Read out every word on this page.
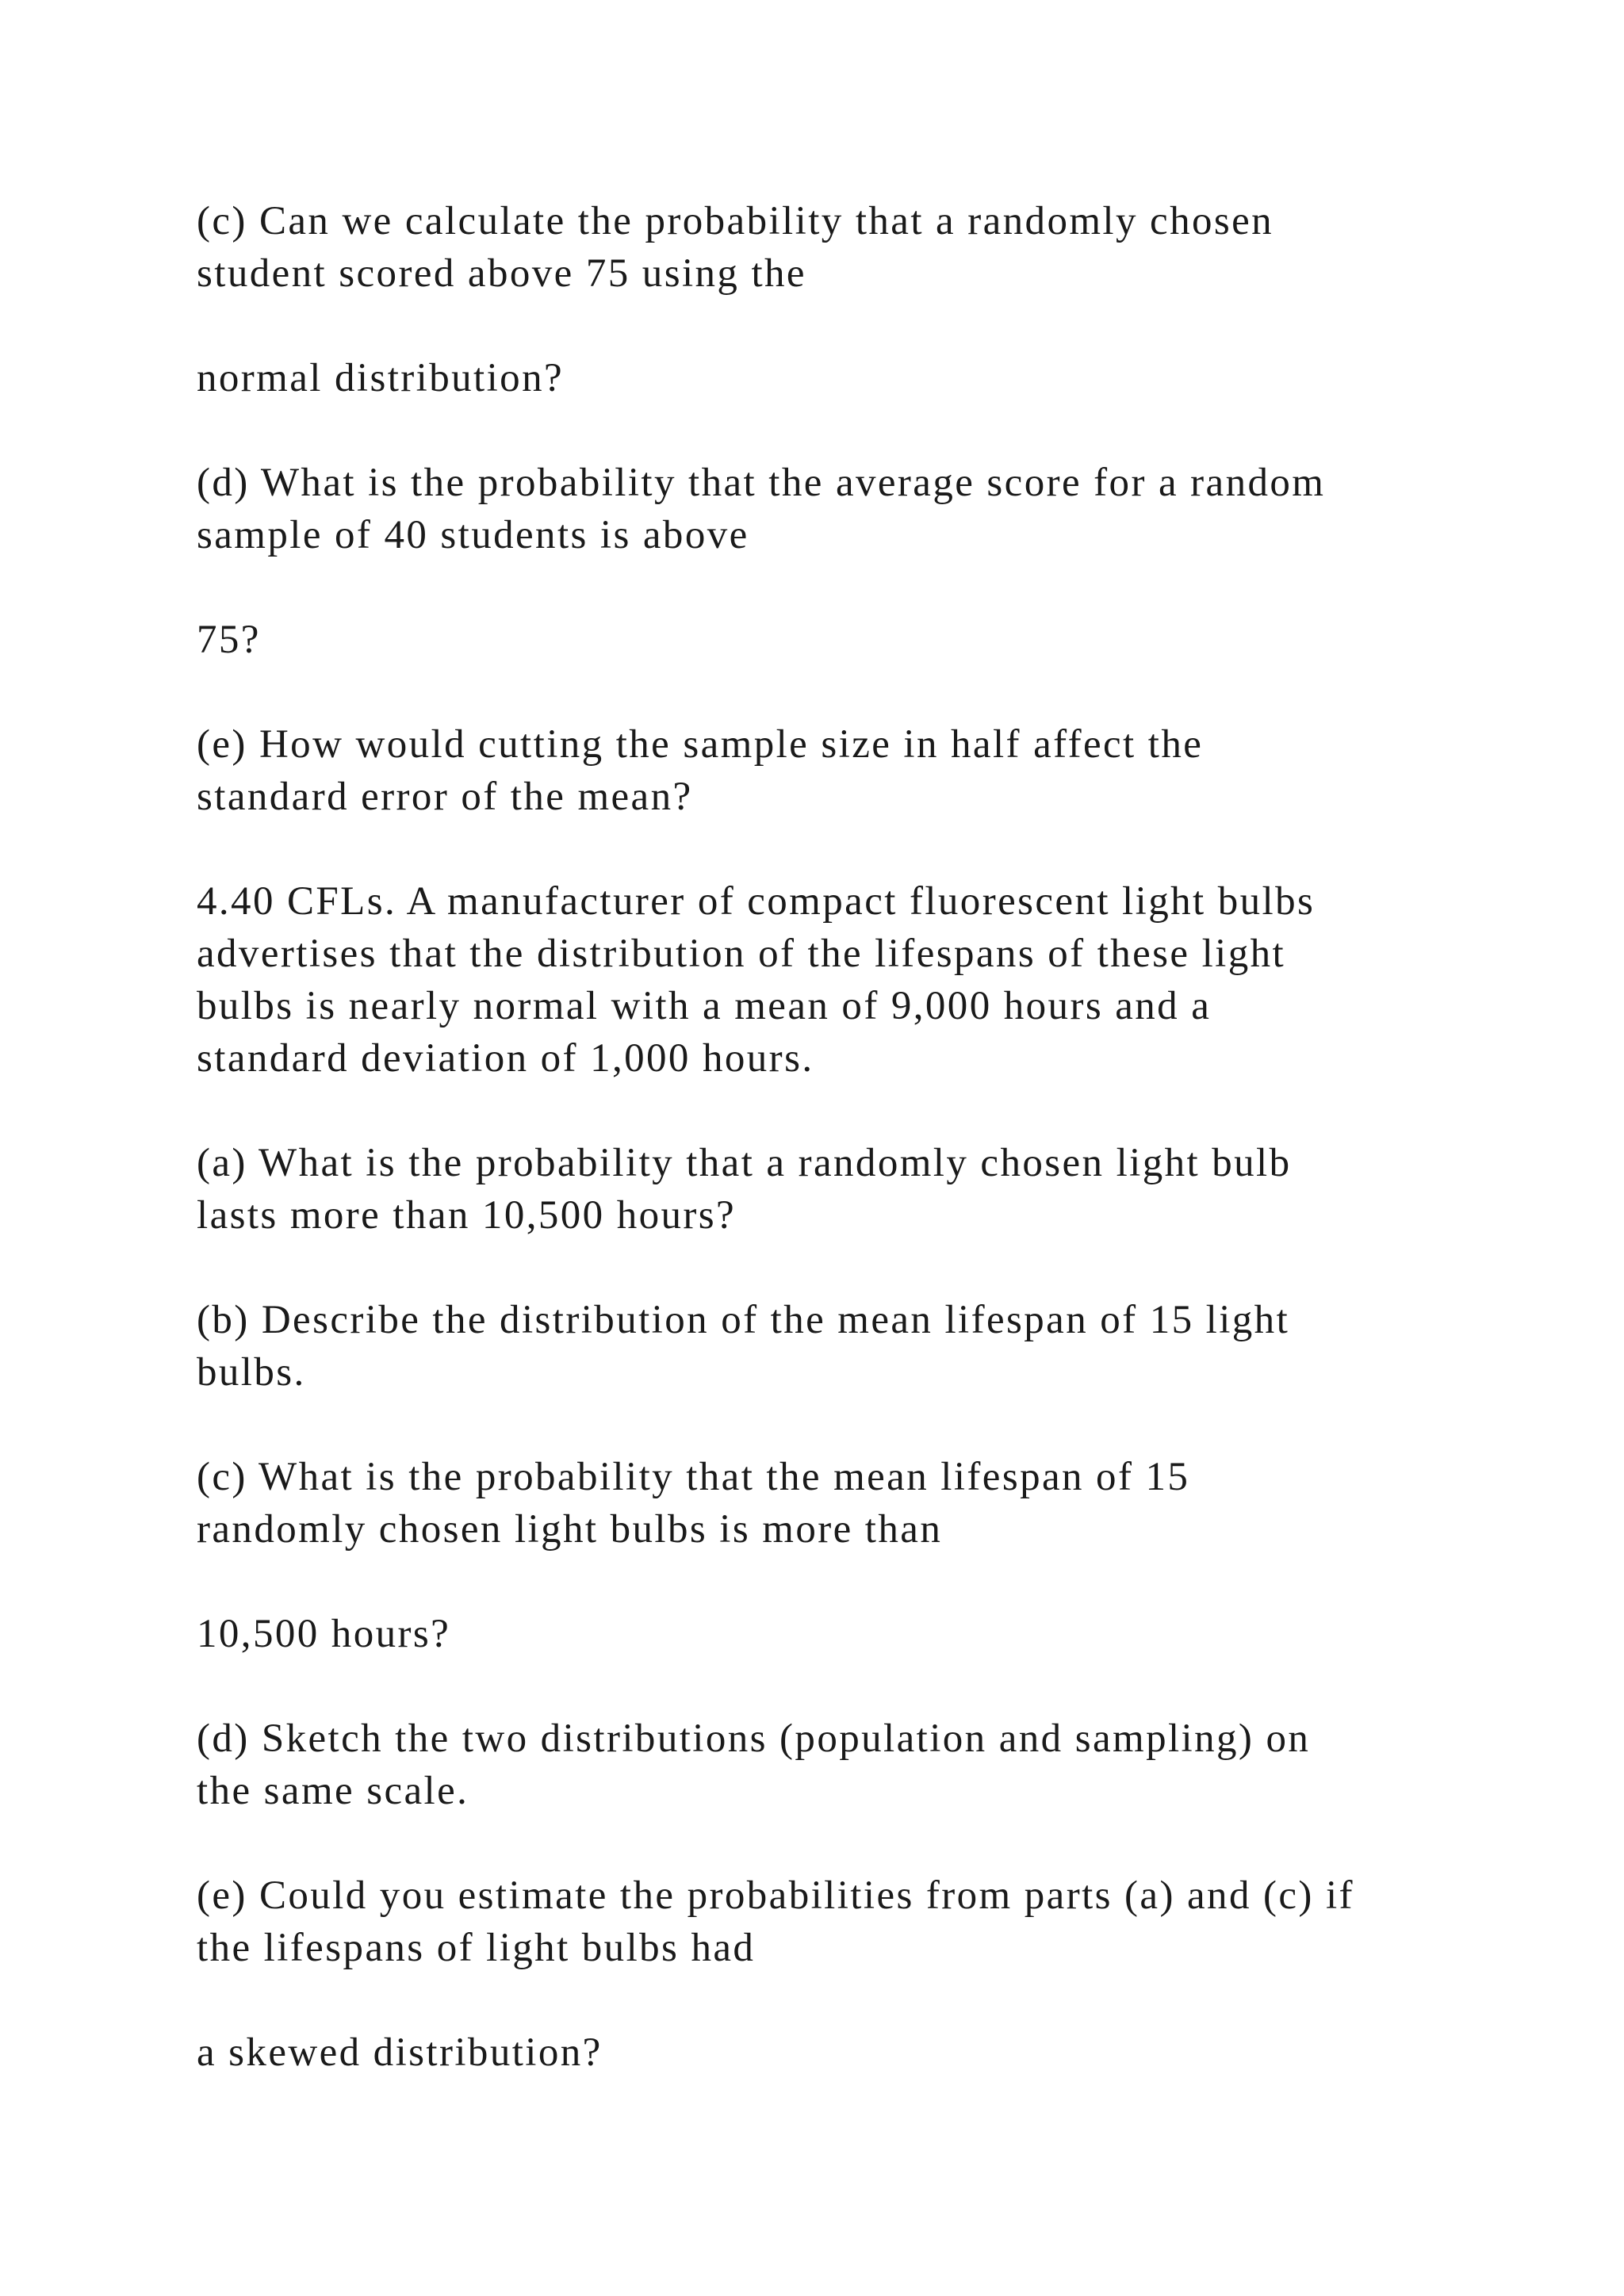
(c) Can we calculate the probability that a randomly chosen
student scored above 75 using the

normal distribution?

(d) What is the probability that the average score for a random
sample of 40 students is above

75?

(e) How would cutting the sample size in half affect the
standard error of the mean?

4.40 CFLs. A manufacturer of compact fluorescent light bulbs
advertises that the distribution of the lifespans of these light
bulbs is nearly normal with a mean of 9,000 hours and a
standard deviation of 1,000 hours.

(a) What is the probability that a randomly chosen light bulb
lasts more than 10,500 hours?

(b) Describe the distribution of the mean lifespan of 15 light
bulbs.

(c) What is the probability that the mean lifespan of 15
randomly chosen light bulbs is more than

10,500 hours?

(d) Sketch the two distributions (population and sampling) on
the same scale.

(e) Could you estimate the probabilities from parts (a) and (c) if
the lifespans of light bulbs had

a skewed distribution?
